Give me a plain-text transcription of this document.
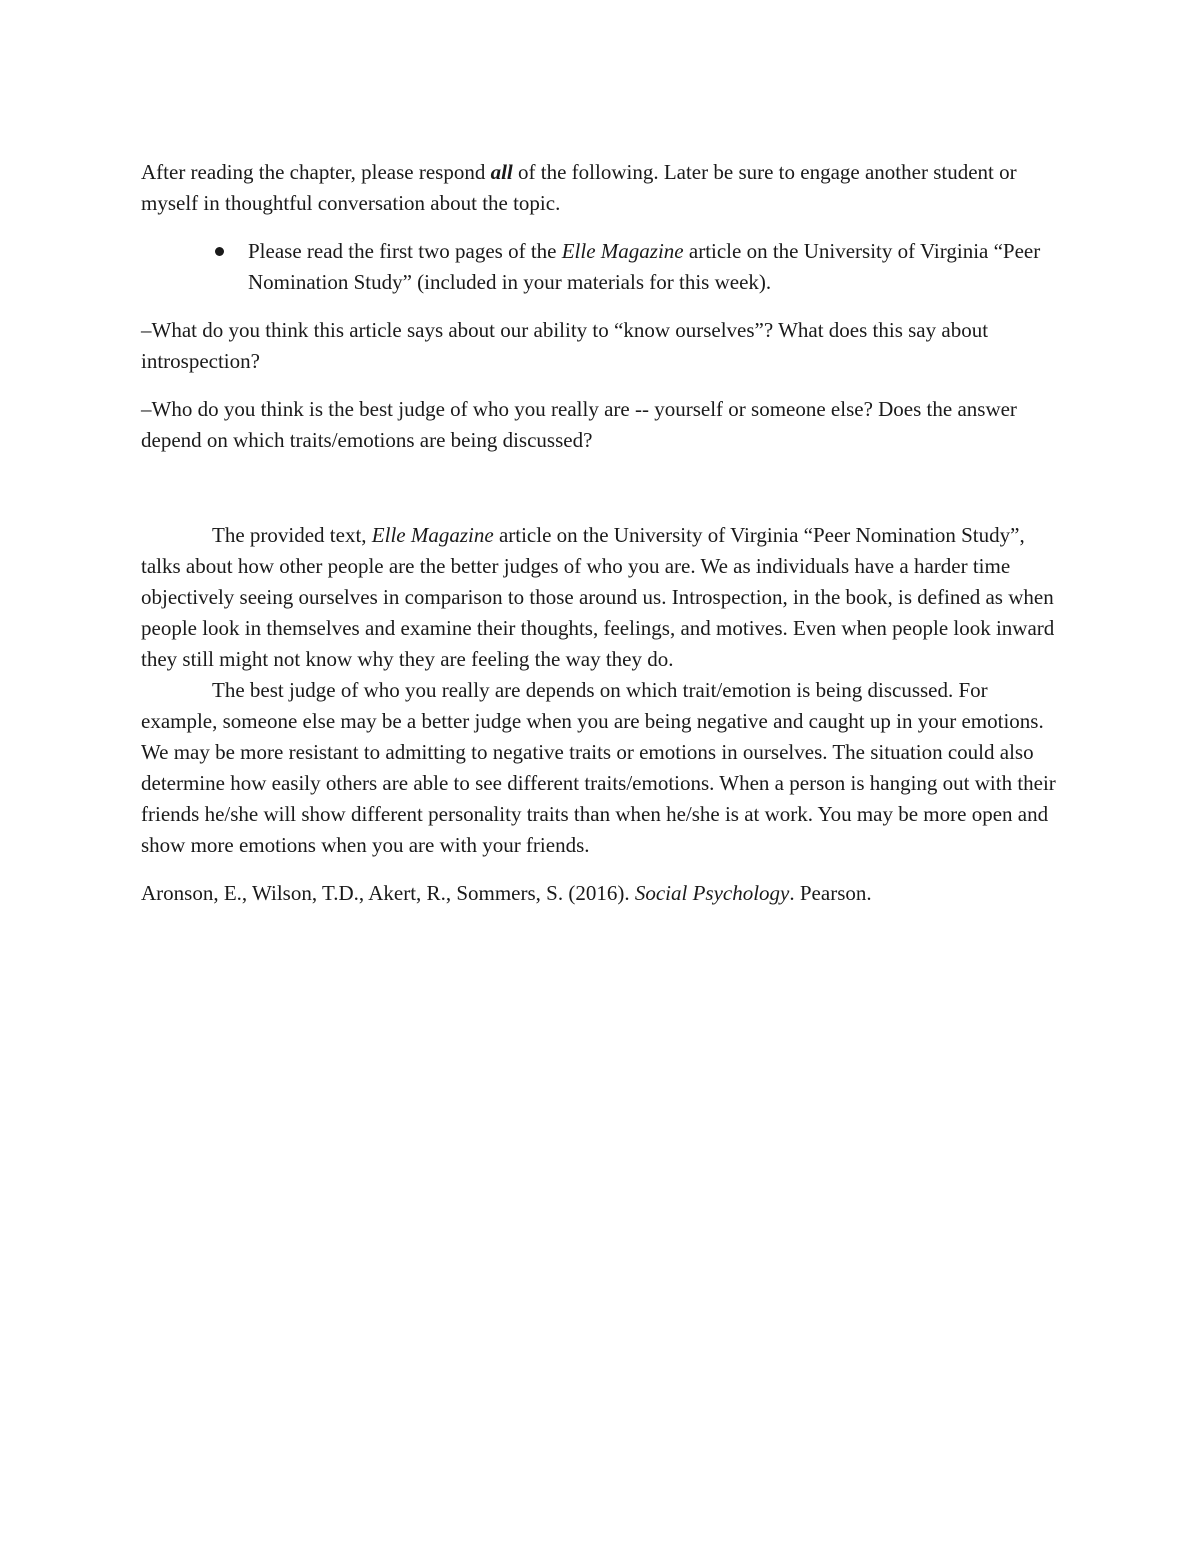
After reading the chapter, please respond all of the following. Later be sure to engage another student or myself in thoughtful conversation about the topic.

Please read the first two pages of the Elle Magazine article on the University of Virginia “Peer Nomination Study” (included in your materials for this week).

–What do you think this article says about our ability to “know ourselves”? What does this say about introspection?

–Who do you think is the best judge of who you really are -- yourself or someone else? Does the answer depend on which traits/emotions are being discussed?

The provided text, Elle Magazine article on the University of Virginia “Peer Nomination Study”, talks about how other people are the better judges of who you are. We as individuals have a harder time objectively seeing ourselves in comparison to those around us. Introspection, in the book, is defined as when people look in themselves and examine their thoughts, feelings, and motives. Even when people look inward they still might not know why they are feeling the way they do.

The best judge of who you really are depends on which trait/emotion is being discussed. For example, someone else may be a better judge when you are being negative and caught up in your emotions. We may be more resistant to admitting to negative traits or emotions in ourselves. The situation could also determine how easily others are able to see different traits/emotions. When a person is hanging out with their friends he/she will show different personality traits than when he/she is at work. You may be more open and show more emotions when you are with your friends.

Aronson, E., Wilson, T.D., Akert, R., Sommers, S. (2016). Social Psychology. Pearson.
